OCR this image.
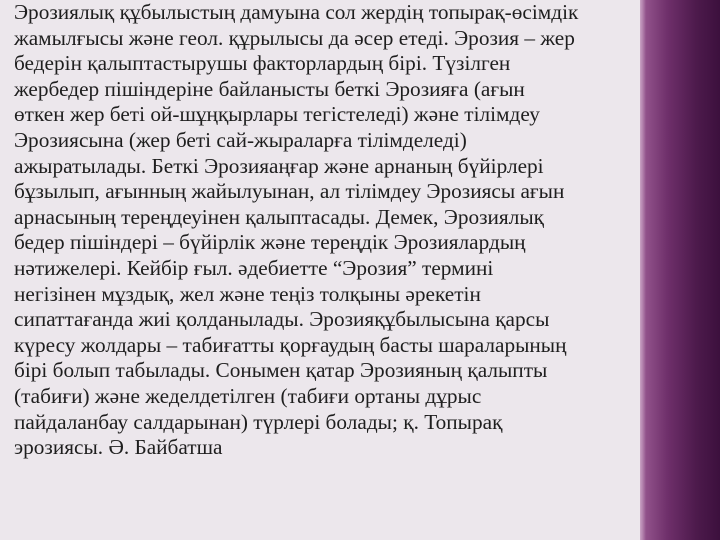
Эрозиялық құбылыстың дамуына сол жердің топырақ-өсімдік
жамылғысы және геол. құрылысы да әсер етеді. Эрозия – жер
бедерін қалыптастырушы факторлардың бірі. Түзілген
жербедер пішіндеріне байланысты беткі Эрозияға (ағын
өткен жер беті ой-шұңқырлары тегістеледі) және тілімдеу
Эрозиясына (жер беті сай-жыраларға тілімделеді)
ажыратылады. Беткі Эрозияаңғар және арнаның бүйірлері
бұзылып, ағынның жайылуынан, ал тілімдеу Эрозиясы ағын
арнасының тереңдеуінен қалыптасады. Демек, Эрозиялық
бедер пішіндері – бүйірлік және тереңдік Эрозиялардың
нәтижелері. Кейбір ғыл. әдебиетте “Эрозия” термині
негізінен мұздық, жел және теңіз толқыны әрекетін
сипаттағанда жиі қолданылады. Эрозияқұбылысына қарсы
күресу жолдары – табиғатты қорғаудың басты шараларының
бірі болып табылады. Сонымен қатар Эрозияның қалыпты
(табиғи) және жеделдетілген (табиғи ортаны дұрыс
пайдаланбау салдарынан) түрлері болады; қ. Топырақ
эрозиясы. Ә. Байбатша
